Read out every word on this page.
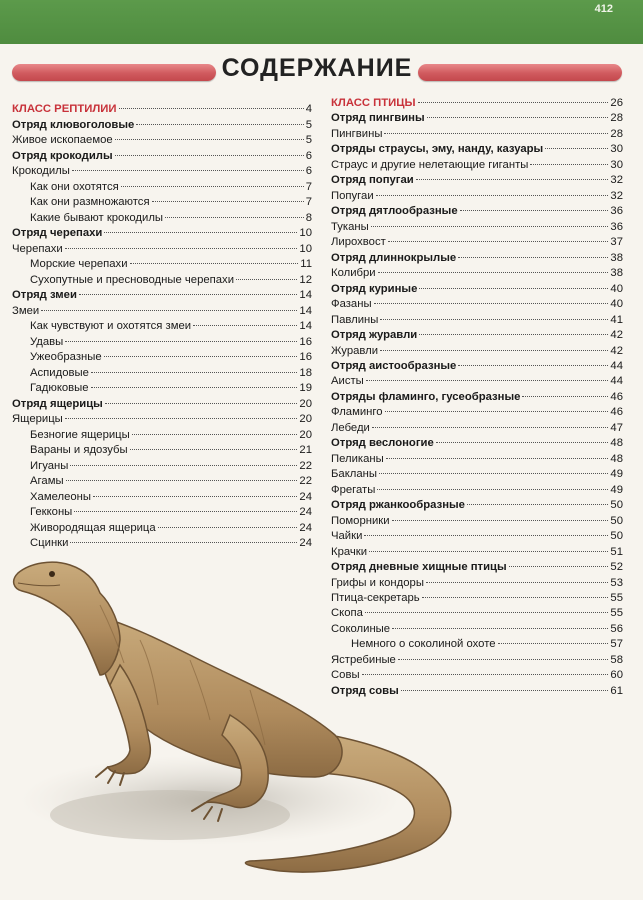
412
СОДЕРЖАНИЕ
КЛАСС РЕПТИЛИИ	4
Отряд клювоголовые	5
Живое ископаемое	5
Отряд крокодилы	6
Крокодилы	6
Как они охотятся	7
Как они размножаются	7
Какие бывают крокодилы	8
Отряд черепахи	10
Черепахи	10
Морские черепахи	11
Сухопутные и пресноводные черепахи	12
Отряд змеи	14
Змеи	14
Как чувствуют и охотятся змеи	14
Удавы	16
Ужеобразные	16
Аспидовые	18
Гадюковые	19
Отряд ящерицы	20
Ящерицы	20
Безногие ящерицы	20
Вараны и ядозубы	21
Игуаны	22
Агамы	22
Хамелеоны	24
Гекконы	24
Живородящая ящерица	24
Сцинки	24
КЛАСС ПТИЦЫ	26
Отряд пингвины	28
Пингвины	28
Отряды страусы, эму, нанду, казуары	30
Страус и другие нелетающие гиганты	30
Отряд попугаи	32
Попугаи	32
Отряд дятлообразные	36
Туканы	36
Лирохвост	37
Отряд длиннокрылые	38
Колибри	38
Отряд куриные	40
Фазаны	40
Павлины	41
Отряд журавли	42
Журавли	42
Отряд аистообразные	44
Аисты	44
Отряды фламинго, гусеобразные	46
Фламинго	46
Лебеди	47
Отряд веслоногие	48
Пеликаны	48
Бакланы	49
Фрегаты	49
Отряд ржанкообразные	50
Поморники	50
Чайки	50
Крачки	51
Отряд дневные хищные птицы	52
Грифы и кондоры	53
Птица-секретарь	55
Скопа	55
Соколиные	56
Немного о соколиной охоте	57
Ястребиные	58
Совы	60
Отряд совы	61
